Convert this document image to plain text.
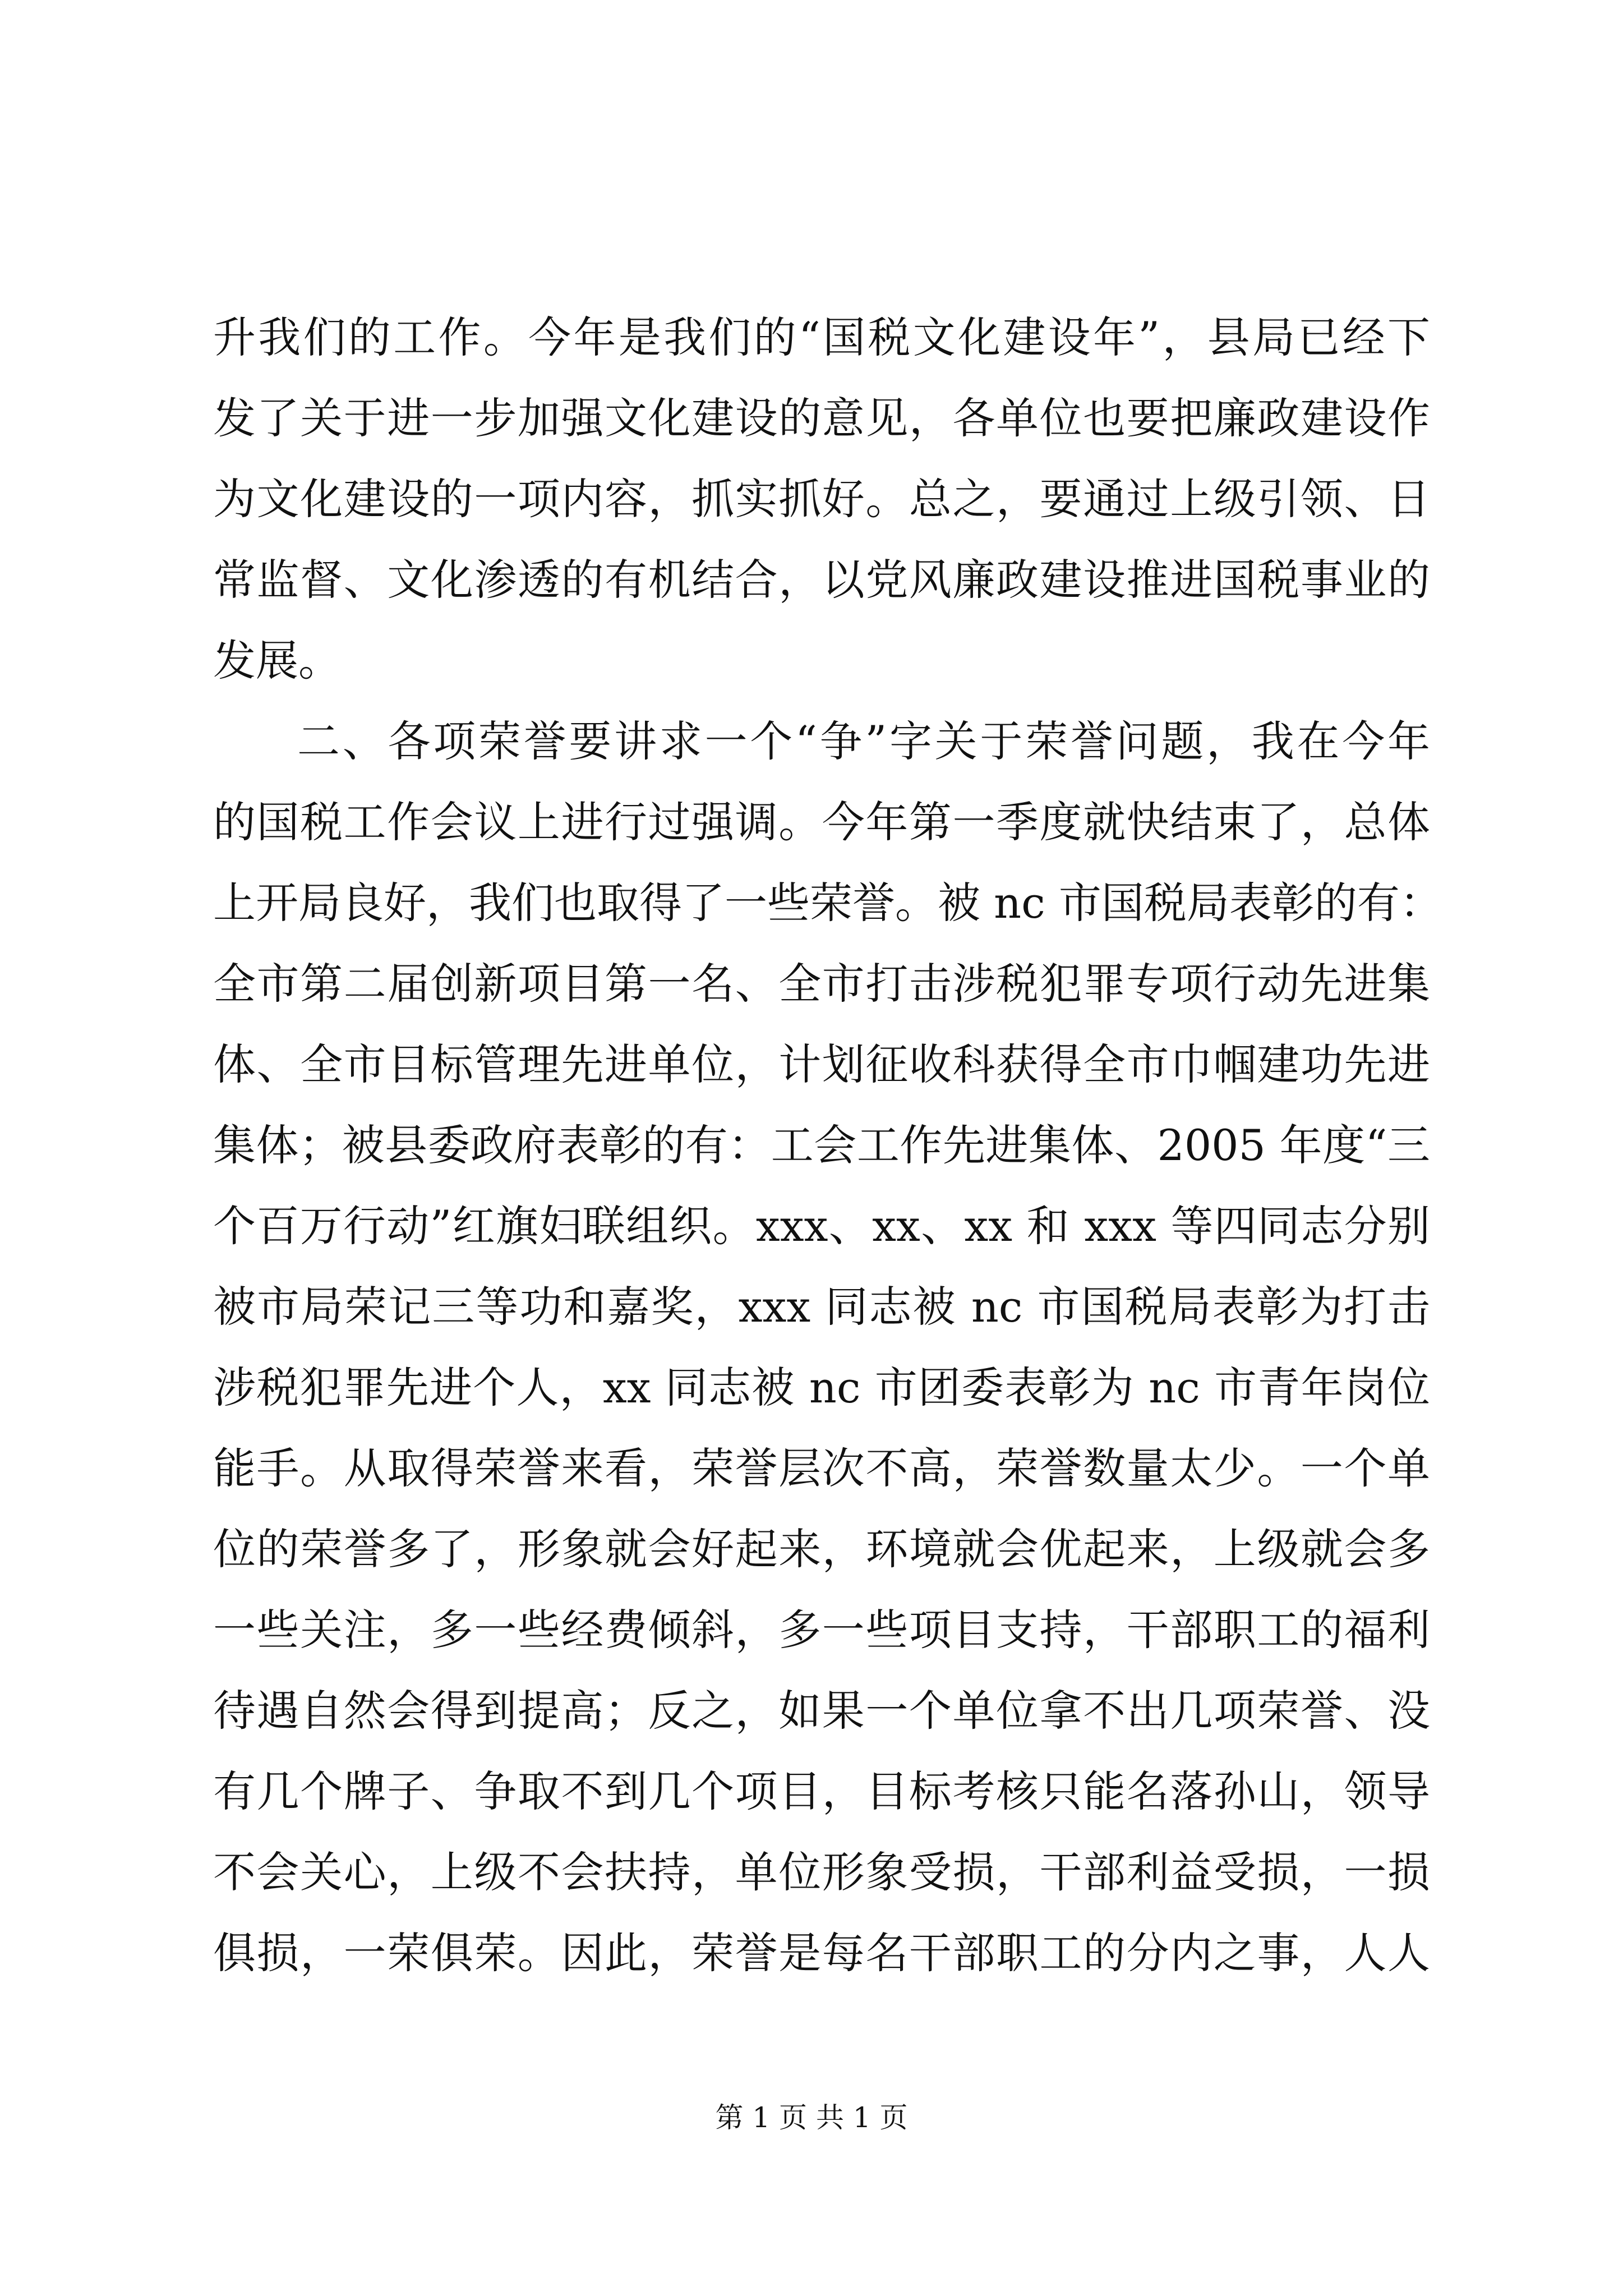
升我们的工作。今年是我们的“国税文化建设年”，县局已经下
发了关于进一步加强文化建设的意见，各单位也要把廉政建设作
为文化建设的一项内容，抓实抓好。总之，要通过上级引领、日
常监督、文化渗透的有机结合，以党风廉政建设推进国税事业的
发展。
二、各项荣誉要讲求一个“争”字关于荣誉问题，我在今年
的国税工作会议上进行过强调。今年第一季度就快结束了，总体
上开局良好，我们也取得了一些荣誉。被 nc 市国税局表彰的有：
全市第二届创新项目第一名、全市打击涉税犯罪专项行动先进集
体、全市目标管理先进单位，计划征收科获得全市巾帼建功先进
集体；被县委政府表彰的有：工会工作先进集体、2005 年度“三
个百万行动”红旗妇联组织。xxx、xx、xx 和 xxx 等四同志分别
被市局荣记三等功和嘉奖，xxx 同志被 nc 市国税局表彰为打击
涉税犯罪先进个人，xx 同志被 nc 市团委表彰为 nc 市青年岗位
能手。从取得荣誉来看，荣誉层次不高，荣誉数量太少。一个单
位的荣誉多了，形象就会好起来，环境就会优起来，上级就会多
一些关注，多一些经费倾斜，多一些项目支持，干部职工的福利
待遇自然会得到提高；反之，如果一个单位拿不出几项荣誉、没
有几个牌子、争取不到几个项目，目标考核只能名落孙山，领导
不会关心，上级不会扶持，单位形象受损，干部利益受损，一损
俱损，一荣俱荣。因此，荣誉是每名干部职工的分内之事，人人
第 1 页 共 1 页
